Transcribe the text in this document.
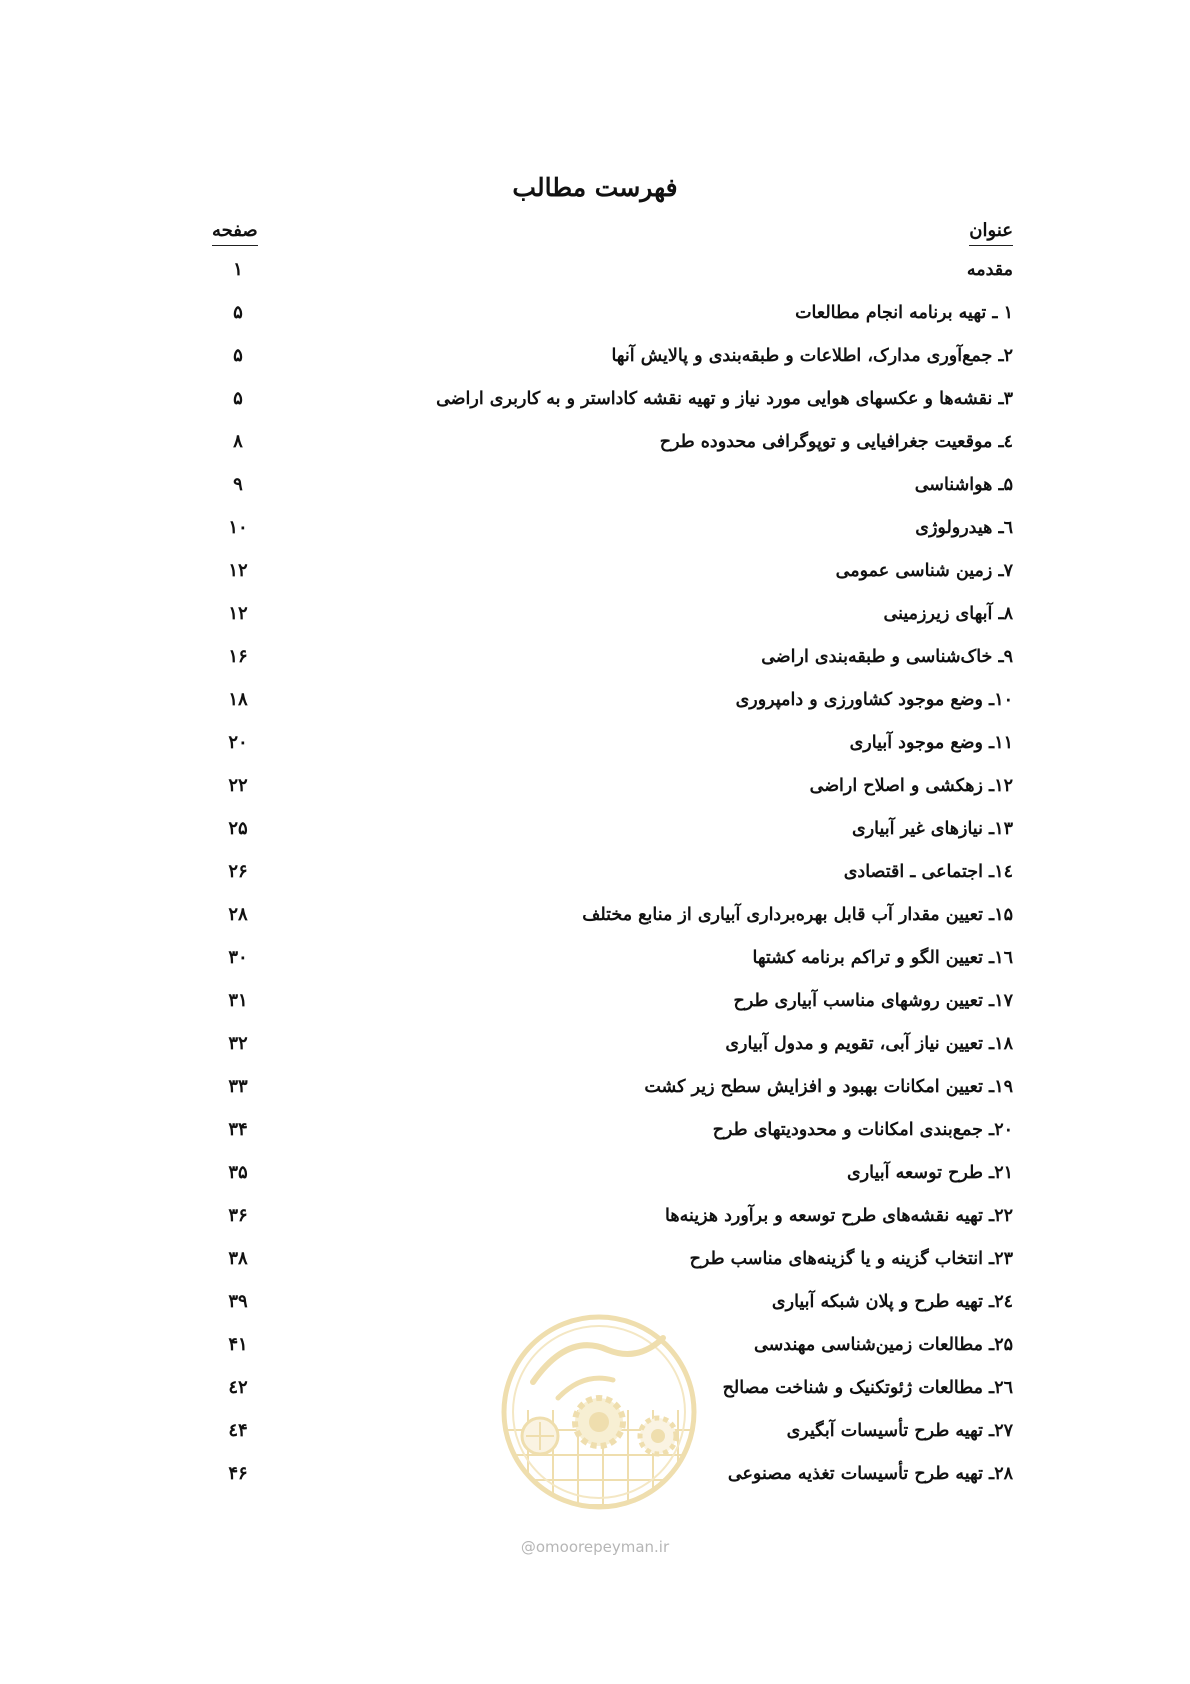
فهرست مطالب
عنوان
صفحه
مقدمه
۱
۱ ـ تهیه برنامه انجام مطالعات
۵
۲ـ جمع‌آوری مدارک، اطلاعات و طبقه‌بندی و پالایش آنها
۵
۳ـ نقشه‌ها و عکسهای هوایی مورد نیاز و تهیه نقشه کاداستر و به کاربری اراضی
۵
٤ـ موقعیت جغرافیایی و توپوگرافی محدوده طرح
۸
۵ـ هواشناسی
۹
٦ـ هیدرولوژی
۱۰
۷ـ زمین شناسی عمومی
۱۲
۸ـ آبهای زیرزمینی
۱۲
۹ـ خاک‌شناسی و طبقه‌بندی اراضی
۱۶
۱۰ـ وضع موجود کشاورزی و دامپروری
۱۸
۱۱ـ وضع موجود آبیاری
۲۰
۱۲ـ زهکشی و اصلاح اراضی
۲۲
۱۳ـ نیازهای غیر آبیاری
۲۵
۱٤ـ اجتماعی ـ اقتصادی
۲۶
۱۵ـ تعیین مقدار آب قابل بهره‌برداری آبیاری از منابع مختلف
۲۸
۱٦ـ تعیین الگو و تراکم برنامه کشتها
۳۰
۱۷ـ تعیین روشهای مناسب آبیاری طرح
۳۱
۱۸ـ تعیین نیاز آبی، تقویم و مدول آبیاری
۳۲
۱۹ـ تعیین امکانات بهبود و افزایش سطح زیر کشت
۳۳
۲۰ـ جمع‌بندی امکانات و محدودیتهای طرح
۳۴
۲۱ـ طرح توسعه آبیاری
۳۵
۲۲ـ تهیه نقشه‌های طرح توسعه و برآورد هزینه‌ها
۳۶
۲۳ـ انتخاب گزینه و یا گزینه‌های مناسب طرح
۳۸
۲٤ـ تهیه طرح و پلان شبکه آبیاری
۳۹
۲۵ـ مطالعات زمین‌شناسی مهندسی
۴۱
۲٦ـ مطالعات ژئوتکنیک و شناخت مصالح
٤۲
۲۷ـ تهیه طرح تأسیسات آبگیری
٤۴
۲۸ـ تهیه طرح تأسیسات تغذیه مصنوعی
۴۶
@omoorepeyman.ir
